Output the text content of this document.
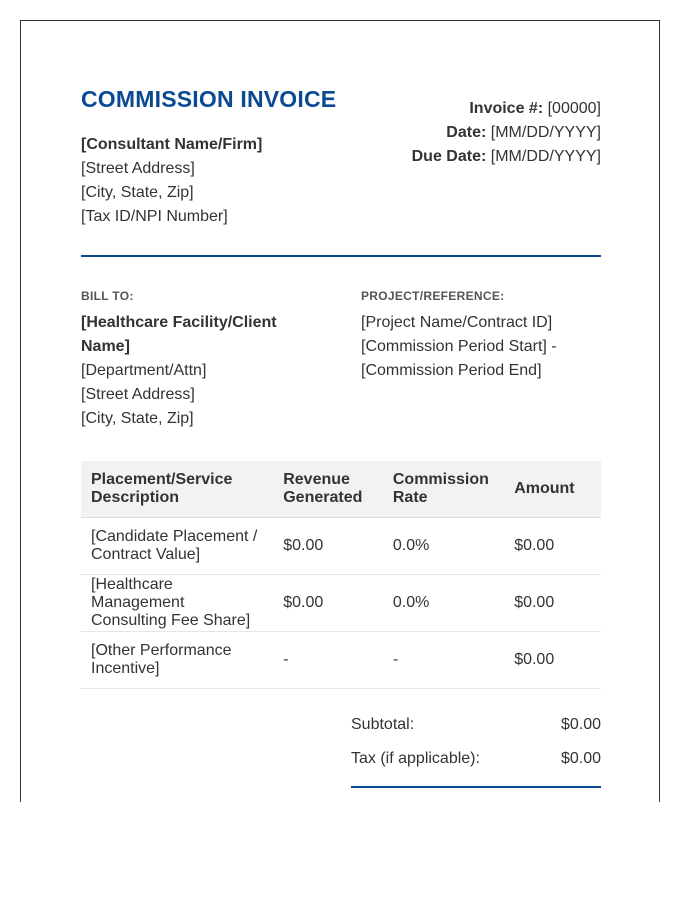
COMMISSION INVOICE
[Consultant Name/Firm]
[Street Address]
[City, State, Zip]
[Tax ID/NPI Number]
Invoice #: [00000]
Date: [MM/DD/YYYY]
Due Date: [MM/DD/YYYY]
BILL TO:
[Healthcare Facility/Client Name]
[Department/Attn]
[Street Address]
[City, State, Zip]
PROJECT/REFERENCE:
[Project Name/Contract ID]
[Commission Period Start] - [Commission Period End]
Placement/Service Description	Revenue Generated	Commission Rate	Amount
[Candidate Placement / Contract Value]	$0.00	0.0%	$0.00
[Healthcare Management Consulting Fee Share]	$0.00	0.0%	$0.00
[Other Performance Incentive]	-	-	$0.00
Subtotal:	$0.00
Tax (if applicable):	$0.00
